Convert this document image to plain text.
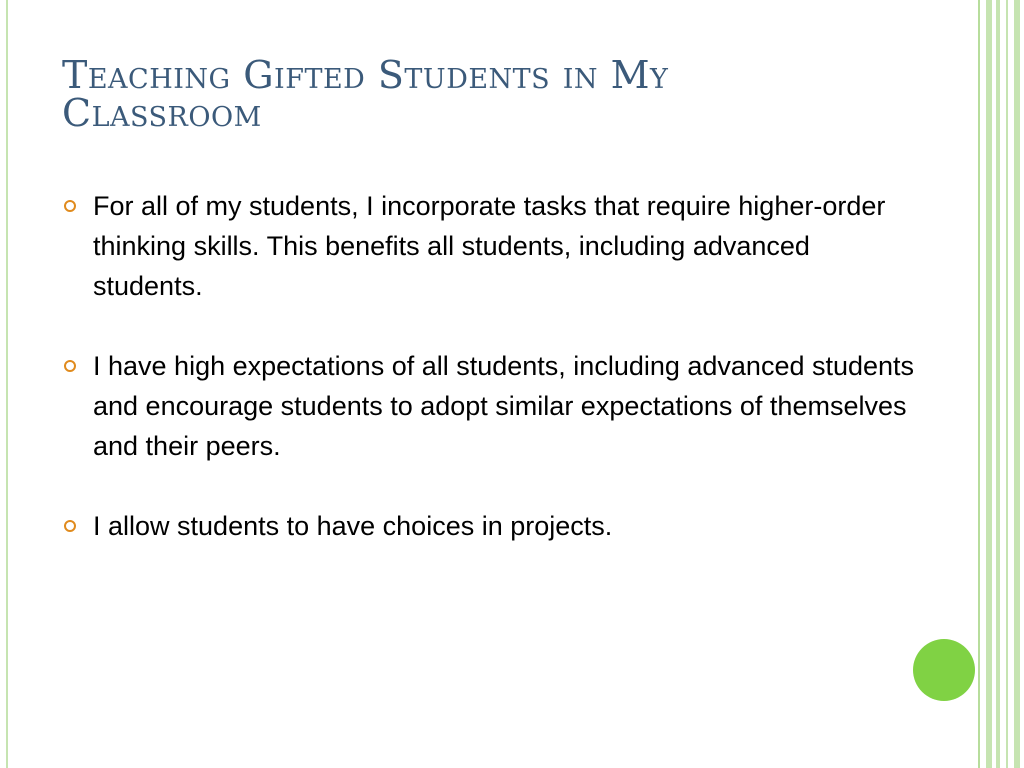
Teaching Gifted Students in My
Classroom
For all of my students, I incorporate tasks that require higher-order thinking skills. This benefits all students, including advanced students.
I have high expectations of all students, including advanced students and encourage students to adopt similar expectations of themselves and their peers.
I allow students to have choices in projects.
